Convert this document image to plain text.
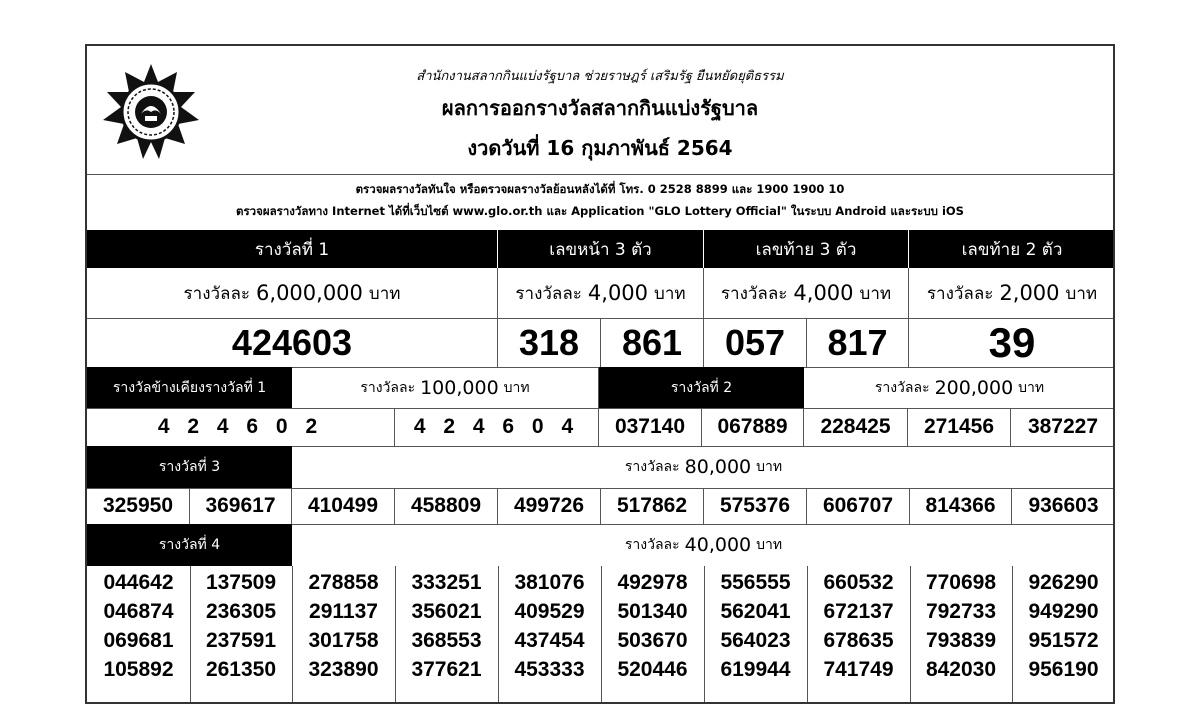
สำนักงานสลากกินแบ่งรัฐบาล ช่วยราษฎร์ เสริมรัฐ ยืนหยัดยุติธรรม
ผลการออกรางวัลสลากกินแบ่งรัฐบาล
งวดวันที่ 16 กุมภาพันธ์ 2564
ตรวจผลรางวัลทันใจ หรือตรวจผลรางวัลย้อนหลังได้ที่ โทร. 0 2528 8899 และ 1900 1900 10
ตรวจผลรางวัลทาง Internet ได้ที่เว็บไซต์ www.glo.or.th และ Application "GLO Lottery Official" ในระบบ Android และระบบ iOS
รางวัลที่ 1	เลขหน้า 3 ตัว	เลขท้าย 3 ตัว	เลขท้าย 2 ตัว
รางวัลละ 6,000,000 บาท	รางวัลละ 4,000 บาท รางวัลละ 4,000 บาท รางวัลละ 2,000 บาท
424603	318	861	057	817	39
รางวัลข้างเคียงรางวัลที่ 1	รางวัลละ 100,000 บาท	รางวัลที่ 2	รางวัลละ 200,000 บาท
4 2 4 6 0 2	4 2 4 6 0 4	037140	067889	228425	271456	387227
รางวัลที่ 3	รางวัลละ 80,000 บาท
325950	369617	410499	458809	499726	517862	575376	606707	814366	936603
รางวัลที่ 4	รางวัลละ 40,000 บาท
044642	137509	278858	333251	381076	492978	556555	660532	770698	926290
046874	236305	291137	356021	409529	501340	562041	672137	792733	949290
069681	237591	301758	368553	437454	503670	564023	678635	793839	951572
105892	261350	323890	377621	453333	520446	619944	741749	842030	956190
